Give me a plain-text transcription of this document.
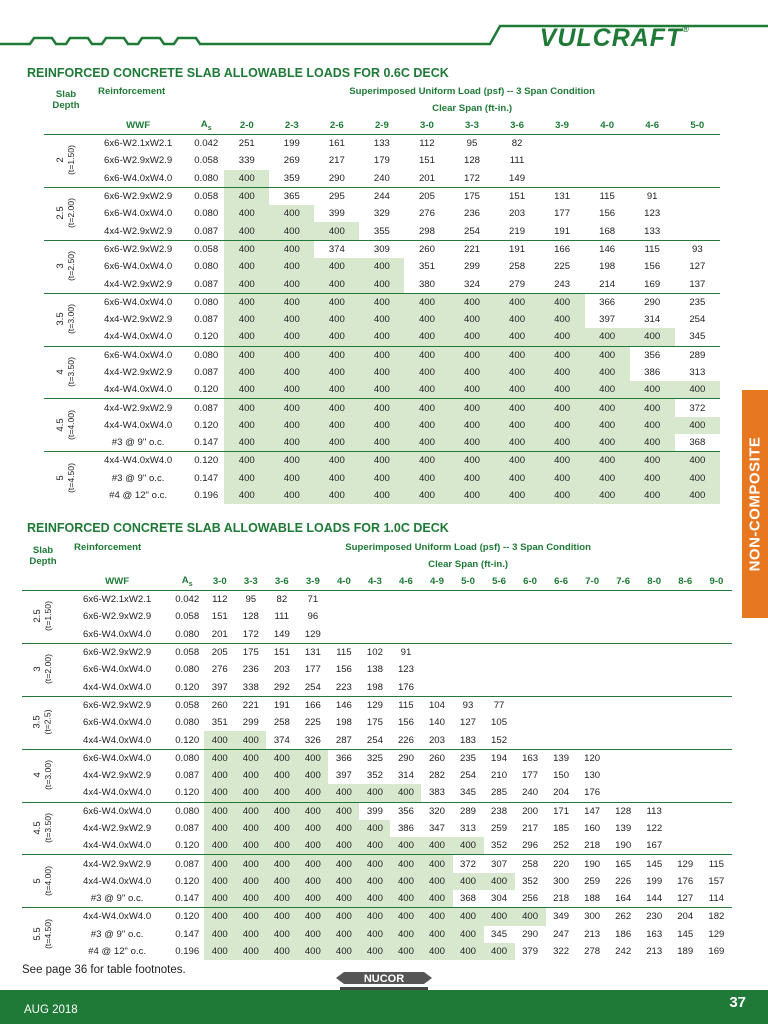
VULCRAFT®
REINFORCED CONCRETE SLAB ALLOWABLE LOADS FOR 0.6C DECK
Slab	Reinforcement		Superimposed Uniform Load (psf) -- 3 Span Condition										
Depth			Clear Span (ft-in.)										
	WWF	$A_s$	2-0	2-3	2-6	2-9	3-0	3-3	3-6	3-9	4-0	4-6	5-0
2 (t=1.50)	6x6-W2.1xW2.1	0.042	251	199	161	133	112	95	82				
	6x6-W2.9xW2.9	0.058	339	269	217	179	151	128	111				
	6x6-W4.0xW4.0	0.080	400	359	290	240	201	172	149				
2.5 (t=2.00)	6x6-W2.9xW2.9	0.058	400	365	295	244	205	175	151	131	115	91	
	6x6-W4.0xW4.0	0.080	400	400	399	329	276	236	203	177	156	123	
	4x4-W2.9xW2.9	0.087	400	400	400	355	298	254	219	191	168	133	
3 (t=2.50)	6x6-W2.9xW2.9	0.058	400	400	374	309	260	221	191	166	146	115	93
	6x6-W4.0xW4.0	0.080	400	400	400	400	351	299	258	225	198	156	127
	4x4-W2.9xW2.9	0.087	400	400	400	400	380	324	279	243	214	169	137
3.5 (t=3.00)	6x6-W4.0xW4.0	0.080	400	400	400	400	400	400	400	400	366	290	235
	4x4-W2.9xW2.9	0.087	400	400	400	400	400	400	400	400	397	314	254
	4x4-W4.0xW4.0	0.120	400	400	400	400	400	400	400	400	400	400	345
4 (t=3.50)	6x6-W4.0xW4.0	0.080	400	400	400	400	400	400	400	400	400	356	289
	4x4-W2.9xW2.9	0.087	400	400	400	400	400	400	400	400	400	386	313
	4x4-W4.0xW4.0	0.120	400	400	400	400	400	400	400	400	400	400	400
4.5 (t=4.00)	4x4-W2.9xW2.9	0.087	400	400	400	400	400	400	400	400	400	400	372
	4x4-W4.0xW4.0	0.120	400	400	400	400	400	400	400	400	400	400	400
	#3 @ 9" o.c.	0.147	400	400	400	400	400	400	400	400	400	400	368
5 (t=4.50)	4x4-W4.0xW4.0	0.120	400	400	400	400	400	400	400	400	400	400	400
	#3 @ 9" o.c.	0.147	400	400	400	400	400	400	400	400	400	400	400
	#4 @ 12" o.c.	0.196	400	400	400	400	400	400	400	400	400	400	400
REINFORCED CONCRETE SLAB ALLOWABLE LOADS FOR 1.0C DECK
Slab	Reinforcement		Superimposed Uniform Load (psf) -- 3 Span Condition																
Depth			Clear Span (ft-in.)																
	WWF	$A_s$	3-0	3-3	3-6	3-9	4-0	4-3	4-6	4-9	5-0	5-6	6-0	6-6	7-0	7-6	8-0	8-6	9-0
2.5 (t=1.50)	6x6-W2.1xW2.1	0.042	112	95	82	71													
	6x6-W2.9xW2.9	0.058	151	128	111	96													
	6x6-W4.0xW4.0	0.080	201	172	149	129													
3 (t=2.00)	6x6-W2.9xW2.9	0.058	205	175	151	131	115	102	91										
	6x6-W4.0xW4.0	0.080	276	236	203	177	156	138	123										
	4x4-W4.0xW4.0	0.120	397	338	292	254	223	198	176										
3.5 (t=2.5)	6x6-W2.9xW2.9	0.058	260	221	191	166	146	129	115	104	93	77							
	6x6-W4.0xW4.0	0.080	351	299	258	225	198	175	156	140	127	105							
	4x4-W4.0xW4.0	0.120	400	400	374	326	287	254	226	203	183	152							
4 (t=3.00)	6x6-W4.0xW4.0	0.080	400	400	400	400	366	325	290	260	235	194	163	139	120				
	4x4-W2.9xW2.9	0.087	400	400	400	400	397	352	314	282	254	210	177	150	130				
	4x4-W4.0xW4.0	0.120	400	400	400	400	400	400	400	383	345	285	240	204	176				
4.5 (t=3.50)	6x6-W4.0xW4.0	0.080	400	400	400	400	400	399	356	320	289	238	200	171	147	128	113		
	4x4-W2.9xW2.9	0.087	400	400	400	400	400	400	386	347	313	259	217	185	160	139	122		
	4x4-W4.0xW4.0	0.120	400	400	400	400	400	400	400	400	400	352	296	252	218	190	167		
5 (t=4.00)	4x4-W2.9xW2.9	0.087	400	400	400	400	400	400	400	400	372	307	258	220	190	165	145	129	115
	4x4-W4.0xW4.0	0.120	400	400	400	400	400	400	400	400	400	400	352	300	259	226	199	176	157
	#3 @ 9" o.c.	0.147	400	400	400	400	400	400	400	400	368	304	256	218	188	164	144	127	114
5.5 (t=4.50)	4x4-W4.0xW4.0	0.120	400	400	400	400	400	400	400	400	400	400	400	349	300	262	230	204	182
	#3 @ 9" o.c.	0.147	400	400	400	400	400	400	400	400	400	345	290	247	213	186	163	145	129
	#4 @ 12" o.c.	0.196	400	400	400	400	400	400	400	400	400	400	379	322	278	242	213	189	169
See page 36 for table footnotes.
NUCOR
NON-COMPOSITE
AUG 2018	37
